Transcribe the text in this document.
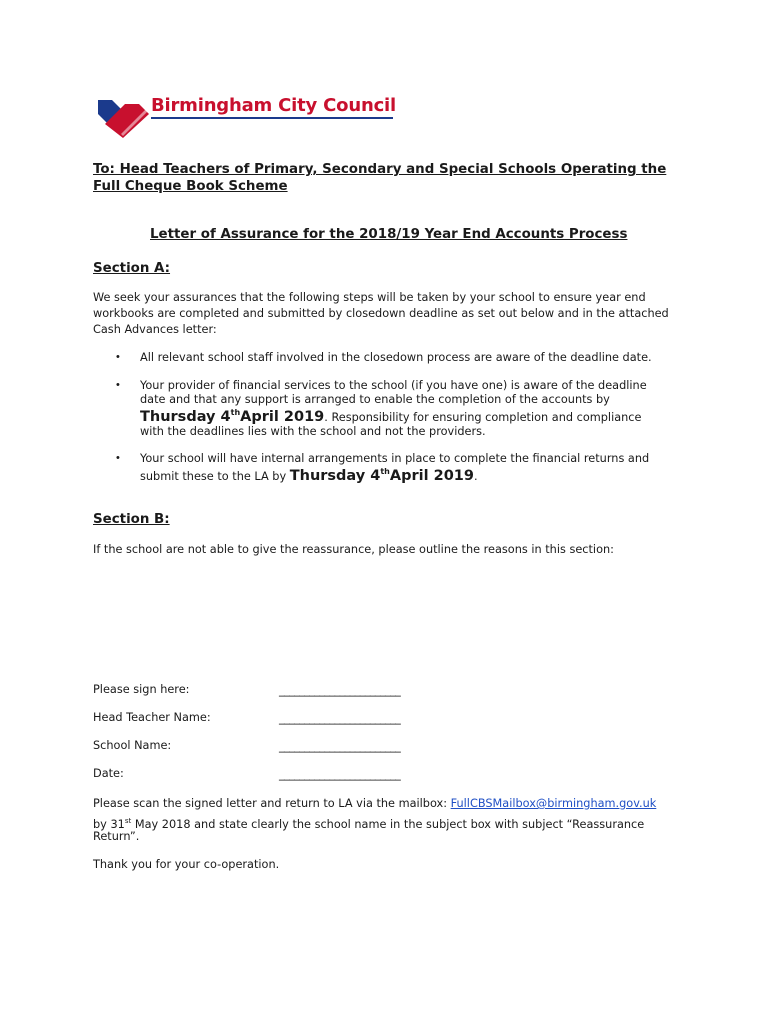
Birmingham City Council
To: Head Teachers of Primary, Secondary and Special Schools Operating the
Full Cheque Book Scheme
Letter of Assurance for the 2018/19 Year End Accounts Process
Section A:
We seek your assurances that the following steps will be taken by your school to ensure year end
workbooks are completed and submitted by closedown deadline as set out below and in the attached
Cash Advances letter:
• All relevant school staff involved in the closedown process are aware of the deadline date.
• Your provider of financial services to the school (if you have one) is aware of the deadline
date and that any support is arranged to enable the completion of the accounts by
Thursday 4thApril 2019. Responsibility for ensuring completion and compliance
with the deadlines lies with the school and not the providers.
• Your school will have internal arrangements in place to complete the financial returns and
submit these to the LA by Thursday 4thApril 2019.
Section B:
If the school are not able to give the reassurance, please outline the reasons in this section:
Please sign here:	________________________
Head Teacher Name:	________________________
School Name:	________________________
Date:	________________________
Please scan the signed letter and return to LA via the mailbox: FullCBSMailbox@birmingham.gov.uk
by 31st May 2018 and state clearly the school name in the subject box with subject “Reassurance
Return”.
Thank you for your co-operation.
